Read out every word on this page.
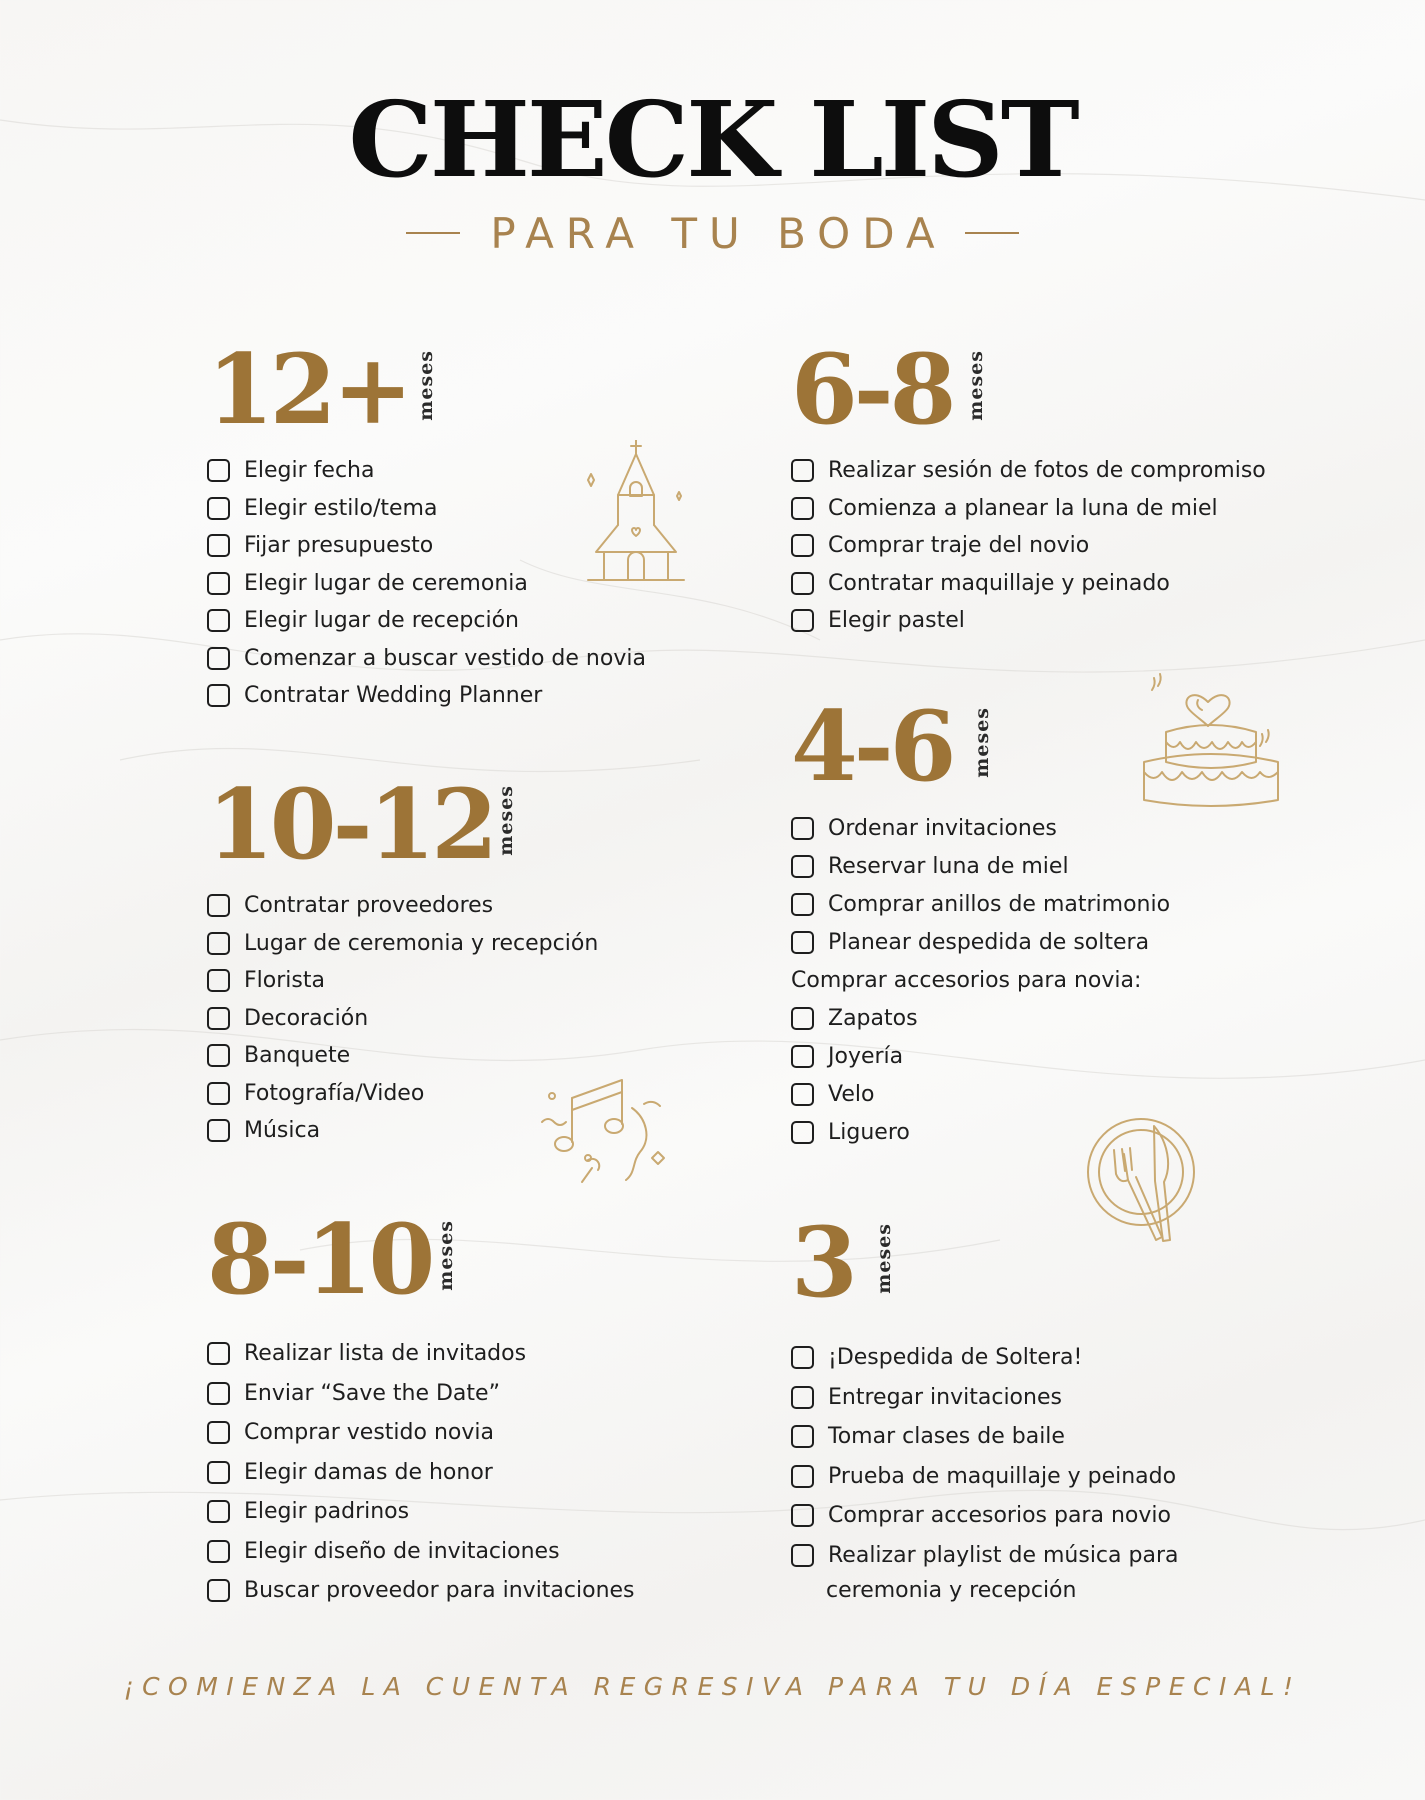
CHECK LIST
PARA TU BODA
12+ meses
Elegir fecha
Elegir estilo/tema
Fijar presupuesto
Elegir lugar de ceremonia
Elegir lugar de recepción
Comenzar a buscar vestido de novia
Contratar Wedding Planner
10-12 meses
Contratar proveedores
Lugar de ceremonia y recepción
Florista
Decoración
Banquete
Fotografía/Video
Música
8-10 meses
Realizar lista de invitados
Enviar “Save the Date”
Comprar vestido novia
Elegir damas de honor
Elegir padrinos
Elegir diseño de invitaciones
Buscar proveedor para invitaciones
6-8 meses
Realizar sesión de fotos de compromiso
Comienza a planear la luna de miel
Comprar traje del novio
Contratar maquillaje y peinado
Elegir pastel
4-6 meses
Ordenar invitaciones
Reservar luna de miel
Comprar anillos de matrimonio
Planear despedida de soltera
Comprar accesorios para novia:
Zapatos
Joyería
Velo
Liguero
3 meses
¡Despedida de Soltera!
Entregar invitaciones
Tomar clases de baile
Prueba de maquillaje y peinado
Comprar accesorios para novio
Realizar playlist de música para
ceremonia y recepción
¡COMIENZA LA CUENTA REGRESIVA PARA TU DÍA ESPECIAL!
